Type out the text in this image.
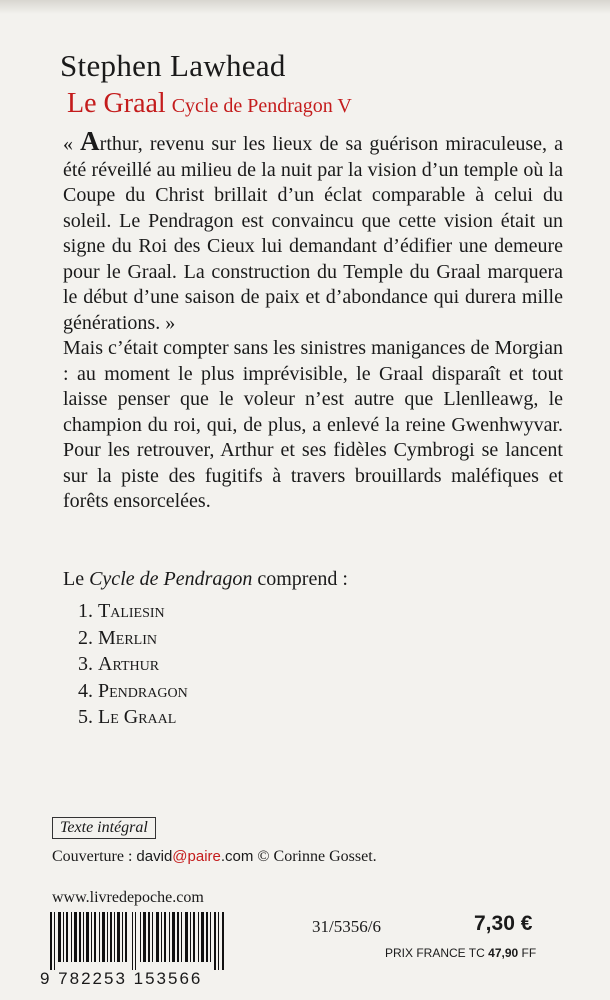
Stephen Lawhead
Le Graal Cycle de Pendragon V

« Arthur, revenu sur les lieux de sa guérison miraculeuse, a été réveillé au milieu de la nuit par la vision d’un temple où la Coupe du Christ brillait d’un éclat comparable à celui du soleil. Le Pendragon est convaincu que cette vision était un signe du Roi des Cieux lui demandant d’édifier une demeure pour le Graal. La construction du Temple du Graal marquera le début d’une saison de paix et d’abondance qui durera mille générations. »

Mais c’était compter sans les sinistres manigances de Morgian : au moment le plus imprévisible, le Graal disparaît et tout laisse penser que le voleur n’est autre que Llenlleawg, le champion du roi, qui, de plus, a enlevé la reine Gwenhwyvar. Pour les retrouver, Arthur et ses fidèles Cymbrogi se lancent sur la piste des fugitifs à travers brouillards maléfiques et forêts ensorcelées.

Le Cycle de Pendragon comprend :
1. Taliesin
2. Merlin
3. Arthur
4. Pendragon
5. Le Graal
Texte intégral
Couverture : david@paire.com © Corinne Gosset.
www.livredepoche.com
9 782253 153566
31/5356/6	7,30 €
PRIX FRANCE TC 47,90 FF
